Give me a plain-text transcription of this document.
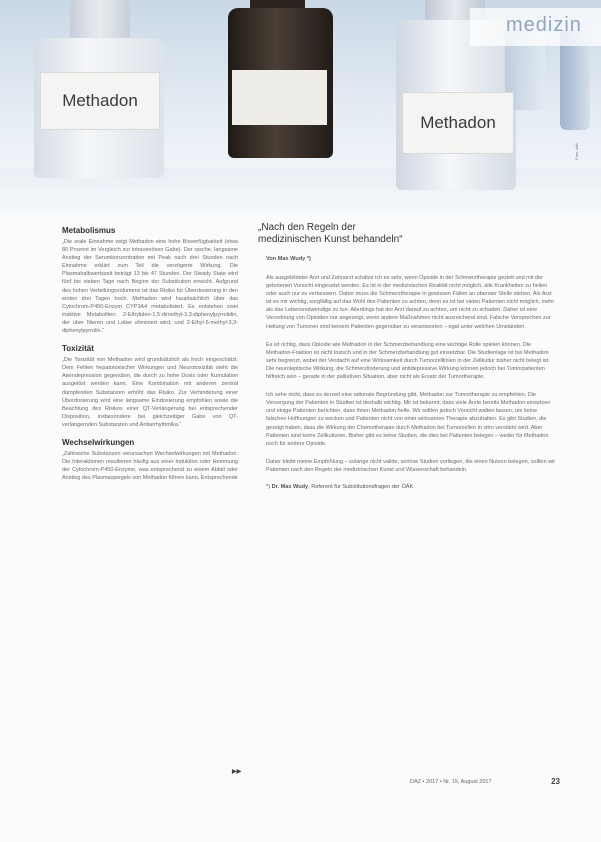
Methadon
Methadon
medizin
Foto: akb
Metabolismus

„Die orale Einnahme zeigt Methadon eine hohe Bioverfügbarkeit (etwa 80 Prozent im Vergleich zur intravenösen Gabe). Der rasche, langsame Anstieg der Serumkonzentration mit Peak nach drei Stunden nach Einnahme erklärt zum Teil die verzögerte Wirkung. Die Plasmahalbwertszeit beträgt 13 bis 47 Stunden. Der Steady State wird fünf bis sieben Tage nach Beginn der Substitution erreicht. Aufgrund des hohen Verteilungsvolumens ist das Risiko für Überdosierung in den ersten drei Tagen hoch. Methadon wird hauptsächlich über das Cytochrom-P450-Enzym CYP3A4 metabolisiert. Es entstehen zwei inaktive Metaboliten: 2-Ethyliden-1,5-dimethyl-3,3-diphenylpyrrolidin, der über Nieren und Leber eliminiert wird, und 2-Ethyl-5-methyl-3,3-diphenylpyrrolin.“

Toxizität

„Die Toxizität von Methadon wird grundsätzlich als hoch eingeschätzt. Dem Fehlen hepatotoxischer Wirkungen und Neurotoxizität steht die Atemdepression gegenüber, die durch zu hohe Dosis oder Kumulation ausgelöst werden kann. Eine Kombination mit anderen zentral dämpfenden Substanzen erhöht das Risiko. Zur Verhinderung einer Überdosierung wird eine langsame Eindosierung empfohlen sowie die Beachtung des Risikos einer QT-Verlängerung bei entsprechender Disposition, insbesondere bei gleichzeitiger Gabe von QT-verlängernden Substanzen und Antiarrhythmika.“

Wechselwirkungen

„Zahlreiche Substanzen verursachen Wechselwirkungen mit Methadon. Die Interaktionen resultieren häufig aus einer Induktion oder Hemmung der Cytochrom-P450-Enzyme, was entsprechend zu einem Abfall oder Anstieg des Plasmaspiegels von Methadon führen kann. Entsprechende

„Nach den Regeln der
medizinischen Kunst behandeln“
Von Max Wudy *)

Als ausgebildeter Arzt und Zahnarzt schätze ich es sehr, wenn Opioide in der Schmerztherapie gezielt und mit der gebotenen Vorsicht eingesetzt werden. Es ist in der medizinischen Realität nicht möglich, alle Krankheiten zu heilen oder auch nur zu verbessern. Daher muss die Schmerztherapie in gewissen Fällen an oberster Stelle stehen. Als Arzt ist es mir wichtig, sorgfältig auf das Wohl des Patienten zu achten, denn es ist bei vielen Patienten nicht möglich, mehr als das Lebensnotwendige zu tun. Allerdings hat der Arzt darauf zu achten, um nicht zu schaden. Daher ist eine Verordnung von Opioiden nur angezeigt, wenn andere Maßnahmen nicht ausreichend sind. Falsche Versprechen zur Heilung von Tumoren sind keinem Patienten gegenüber zu verantworten – egal unter welchen Umständen.

Es ist richtig, dass Opioide wie Methadon in der Schmerzbehandlung eine wichtige Rolle spielen können. Die Methadon-Fraktion ist nicht toxisch und in der Schmerzbehandlung gut einsetzbar. Die Studienlage ist bei Methadon sehr begrenzt, wobei der Verdacht auf eine Wirksamkeit durch Tumorzelllinien in der Zellkultur bisher nicht belegt ist. Die neuroleptische Wirkung, die Schmerzlinderung und antidepressive Wirkung können jedoch bei Tumorpatienten hilfreich sein – gerade in der palliativen Situation, aber nicht als Ersatz der Tumortherapie.

Ich sehe nicht, dass es derzeit eine rationale Begründung gibt, Methadon zur Tumortherapie zu empfehlen. Die Versorgung der Patienten in Studien ist deshalb wichtig. Mir ist bekannt, dass viele Ärzte bereits Methadon einsetzen und einige Patienten berichten, dass ihnen Methadon helfe. Wir sollten jedoch Vorsicht walten lassen, um keine falschen Hoffnungen zu wecken und Patienten nicht von einer wirksamen Therapie abzuhalten. Es gibt Studien, die gezeigt haben, dass die Wirkung der Chemotherapie durch Methadon bei Tumorzellen in vitro verstärkt wird. Aber Patienten sind keine Zellkulturen. Bisher gibt es keine Studien, die dies bei Patienten belegen – weder für Methadon noch für andere Opioide.

Daher bleibt meine Empfehlung – solange nicht valide, seriöse Studien vorliegen, die einen Nutzen belegen, sollten wir Patienten nach den Regeln der medizinischen Kunst und Wissenschaft behandeln.

*) Dr. Max Wudy, Referent für Substitutionsfragen der ÖÄK
▶▶
DAZ • 2017 • Nr. 15, August 2017	23
